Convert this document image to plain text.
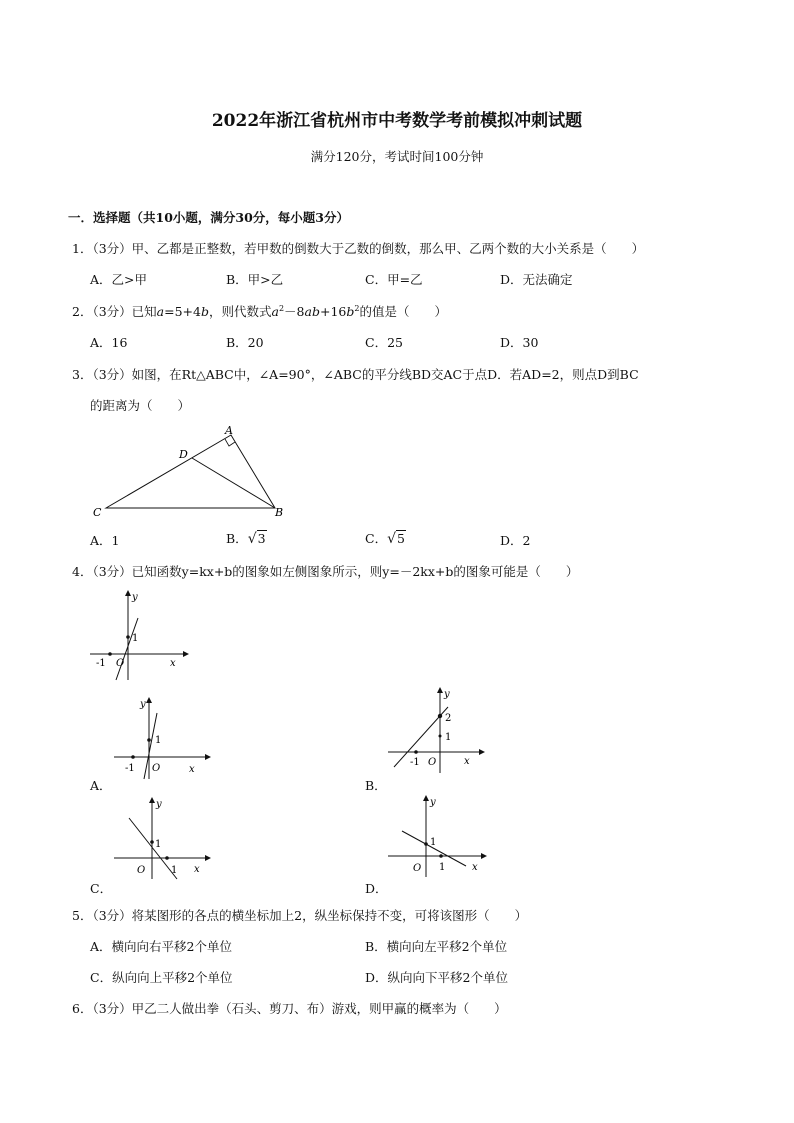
2022年浙江省杭州市中考数学考前模拟冲刺试题
满分120分，考试时间100分钟
一．选择题（共10小题，满分30分，每小题3分）
1．（3分）甲、乙都是正整数，若甲数的倒数大于乙数的倒数，那么甲、乙两个数的大小关系是（　　）
A．乙>甲	B．甲>乙	C．甲=乙	D．无法确定
2．（3分）已知a=5+4b，则代数式$a^2-8ab+16b^2$的值是（　　）
A．16	B．20	C．25	D．30
3．（3分）如图，在Rt△ABC中，∠A=90°，∠ABC的平分线BD交AC于点D．若AD=2，则点D到BC
的距离为（　　）
A
B
C
D
A．1	B．√3	C．√5	D．2
4．（3分）已知函数y=kx+b的图象如左侧图象所示，则y=－2kx+b的图象可能是（　　）
y
x
O
-1
1
y
x
O
-1
1
A．
y
x
O
-1
2
1
B．
y
x
O
1
1
C．
y
x
O
1
1
D．
5．（3分）将某图形的各点的横坐标加上2，纵坐标保持不变，可将该图形（　　）
A．横向向右平移2个单位	B．横向向左平移2个单位
C．纵向向上平移2个单位	D．纵向向下平移2个单位
6．（3分）甲乙二人做出拳（石头、剪刀、布）游戏，则甲赢的概率为（　　）
